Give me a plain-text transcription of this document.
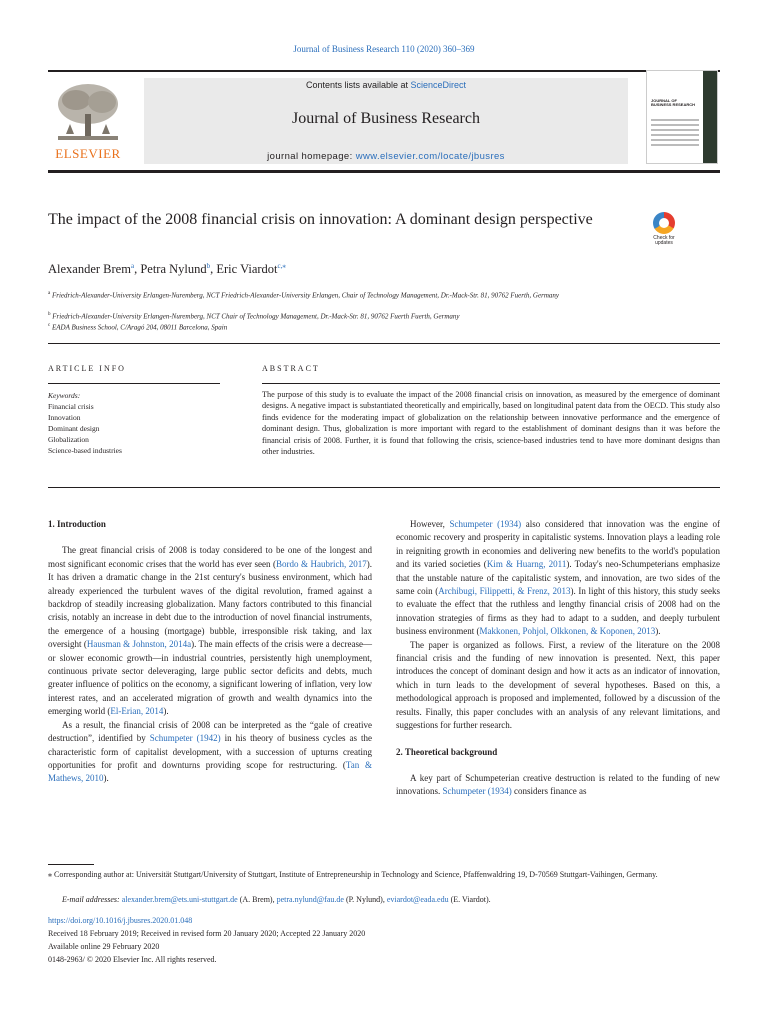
Journal of Business Research 110 (2020) 360–369
ELSEVIER
Contents lists available at ScienceDirect
Journal of Business Research
journal homepage: www.elsevier.com/locate/jbusres
JOURNAL OF BUSINESS RESEARCH
The impact of the 2008 financial crisis on innovation: A dominant design perspective
Check for
updates
Alexander Brem$^a$, Petra Nylund$^b$, Eric Viardot$^{c,⁎}$
$^a$ Friedrich-Alexander-University Erlangen-Nuremberg, NCT Friedrich-Alexander-University Erlangen, Chair of Technology Management, Dr.-Mack-Str. 81, 90762 Fuerth, Germany
$^b$ Friedrich-Alexander-University Erlangen-Nuremberg, NCT Chair of Technology Management, Dr.-Mack-Str. 81, 90762 Fuerth Fuerth, Germany
$^c$ EADA Business School, C/Aragó 204, 08011 Barcelona, Spain
ARTICLE INFO
Keywords:
Financial crisis
Innovation
Dominant design
Globalization
Science-based industries
ABSTRACT
The purpose of this study is to evaluate the impact of the 2008 financial crisis on innovation, as measured by the emergence of dominant designs. A negative impact is substantiated theoretically and empirically, based on longitudinal patent data from the OECD. This study also finds evidence for the moderating impact of globalization on the relationship between innovative performance and the emergence of dominant design. Thus, globalization is more important with regard to the establishment of dominant designs than it was before the financial crisis of 2008. Further, it is found that following the crisis, science-based industries tend to have more dominant designs than other industries.
1. Introduction

The great financial crisis of 2008 is today considered to be one of the longest and most significant economic crises that the world has ever seen (Bordo & Haubrich, 2017). It has driven a dramatic change in the 21st century's business environment, which had already experienced the turbulent waves of the digital revolution, framed against a backdrop of steadily increasing globalization. Many factors contributed to this financial crisis, notably an increase in debt due to the introduction of novel financial instruments, the emergence of a housing (mortgage) bubble, irresponsible risk taking, and lax oversight (Hausman & Johnston, 2014a). The main effects of the crisis were a decrease—or slower economic growth—in industrial countries, persistently high unemployment, continuous private sector deleveraging, large public sector deficits and debts, much greater influence of politics on the economy, a significant lowering of inflation, very low interest rates, and an accelerated migration of growth and wealth dynamics into the emerging world (El-Erian, 2014).

As a result, the financial crisis of 2008 can be interpreted as the “gale of creative destruction”, identified by Schumpeter (1942) in his theory of business cycles as the characteristic form of capitalist development, with a succession of upturns creating opportunities for profit and downturns providing scope for restructuring. (Tan & Mathews, 2010).

However, Schumpeter (1934) also considered that innovation was the engine of economic recovery and prosperity in capitalistic systems. Innovation plays a leading role in reigniting growth in economies and delivering new benefits to the world's population and its varied societies (Kim & Huarng, 2011). Today's neo-Schumpeterians emphasize that the unstable nature of the capitalistic system, and innovation, are two sides of the same coin (Archibugi, Filippetti, & Frenz, 2013). In light of this history, this study seeks to evaluate the effect that the ruthless and lengthy financial crisis of 2008 had on the innovation strategies of firms as they had to adapt to a sudden, and deeply turbulent business environment (Makkonen, Pohjol, Olkkonen, & Koponen, 2013).

The paper is organized as follows. First, a review of the literature on the 2008 financial crisis and the funding of new innovation is presented. Next, this paper introduces the concept of dominant design and how it acts as an indicator of innovation, which in turn leads to the development of several hypotheses. Based on this, a methodological approach is proposed and implemented, followed by a discussion of the results. Finally, this paper concludes with an analysis of any relevant limitations, and suggestions for further research.

2. Theoretical background

A key part of Schumpeterian creative destruction is related to the funding of new innovations. Schumpeter (1934) considers finance as

⁎ Corresponding author at: Universität Stuttgart/University of Stuttgart, Institute of Entrepreneurship in Technology and Science, Pfaffenwaldring 19, D-70569 Stuttgart-Vaihingen, Germany.
E-mail addresses: alexander.brem@ets.uni-stuttgart.de (A. Brem), petra.nylund@fau.de (P. Nylund), eviardot@eada.edu (E. Viardot).
https://doi.org/10.1016/j.jbusres.2020.01.048
Received 18 February 2019; Received in revised form 20 January 2020; Accepted 22 January 2020
Available online 29 February 2020
0148-2963/ © 2020 Elsevier Inc. All rights reserved.
